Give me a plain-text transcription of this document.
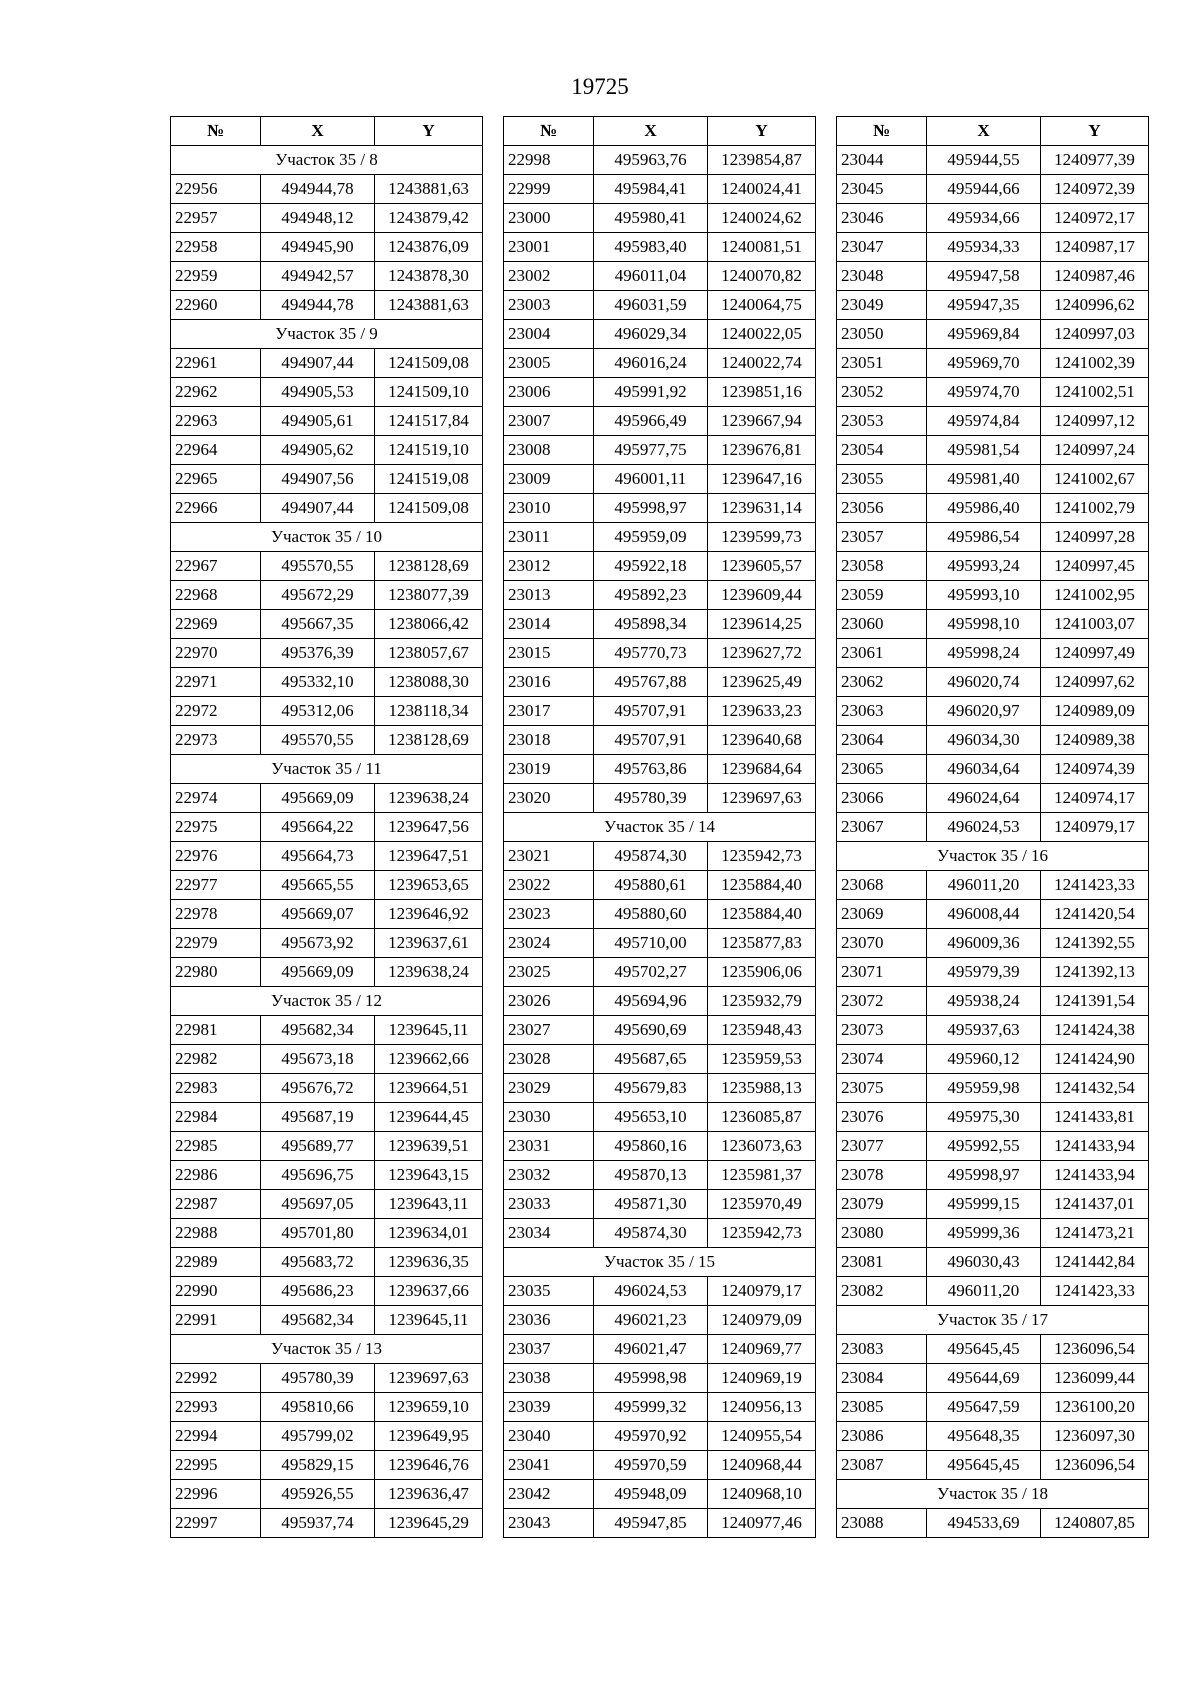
19725
№	X	Y
Участок 35 / 8		
22956	494944,78	1243881,63
22957	494948,12	1243879,42
22958	494945,90	1243876,09
22959	494942,57	1243878,30
22960	494944,78	1243881,63
Участок 35 / 9		
22961	494907,44	1241509,08
22962	494905,53	1241509,10
22963	494905,61	1241517,84
22964	494905,62	1241519,10
22965	494907,56	1241519,08
22966	494907,44	1241509,08
Участок 35 / 10		
22967	495570,55	1238128,69
22968	495672,29	1238077,39
22969	495667,35	1238066,42
22970	495376,39	1238057,67
22971	495332,10	1238088,30
22972	495312,06	1238118,34
22973	495570,55	1238128,69
Участок 35 / 11		
22974	495669,09	1239638,24
22975	495664,22	1239647,56
22976	495664,73	1239647,51
22977	495665,55	1239653,65
22978	495669,07	1239646,92
22979	495673,92	1239637,61
22980	495669,09	1239638,24
Участок 35 / 12		
22981	495682,34	1239645,11
22982	495673,18	1239662,66
22983	495676,72	1239664,51
22984	495687,19	1239644,45
22985	495689,77	1239639,51
22986	495696,75	1239643,15
22987	495697,05	1239643,11
22988	495701,80	1239634,01
22989	495683,72	1239636,35
22990	495686,23	1239637,66
22991	495682,34	1239645,11
Участок 35 / 13		
22992	495780,39	1239697,63
22993	495810,66	1239659,10
22994	495799,02	1239649,95
22995	495829,15	1239646,76
22996	495926,55	1239636,47
22997	495937,74	1239645,29
№	X	Y
22998	495963,76	1239854,87
22999	495984,41	1240024,41
23000	495980,41	1240024,62
23001	495983,40	1240081,51
23002	496011,04	1240070,82
23003	496031,59	1240064,75
23004	496029,34	1240022,05
23005	496016,24	1240022,74
23006	495991,92	1239851,16
23007	495966,49	1239667,94
23008	495977,75	1239676,81
23009	496001,11	1239647,16
23010	495998,97	1239631,14
23011	495959,09	1239599,73
23012	495922,18	1239605,57
23013	495892,23	1239609,44
23014	495898,34	1239614,25
23015	495770,73	1239627,72
23016	495767,88	1239625,49
23017	495707,91	1239633,23
23018	495707,91	1239640,68
23019	495763,86	1239684,64
23020	495780,39	1239697,63
Участок 35 / 14		
23021	495874,30	1235942,73
23022	495880,61	1235884,40
23023	495880,60	1235884,40
23024	495710,00	1235877,83
23025	495702,27	1235906,06
23026	495694,96	1235932,79
23027	495690,69	1235948,43
23028	495687,65	1235959,53
23029	495679,83	1235988,13
23030	495653,10	1236085,87
23031	495860,16	1236073,63
23032	495870,13	1235981,37
23033	495871,30	1235970,49
23034	495874,30	1235942,73
Участок 35 / 15		
23035	496024,53	1240979,17
23036	496021,23	1240979,09
23037	496021,47	1240969,77
23038	495998,98	1240969,19
23039	495999,32	1240956,13
23040	495970,92	1240955,54
23041	495970,59	1240968,44
23042	495948,09	1240968,10
23043	495947,85	1240977,46
№	X	Y
23044	495944,55	1240977,39
23045	495944,66	1240972,39
23046	495934,66	1240972,17
23047	495934,33	1240987,17
23048	495947,58	1240987,46
23049	495947,35	1240996,62
23050	495969,84	1240997,03
23051	495969,70	1241002,39
23052	495974,70	1241002,51
23053	495974,84	1240997,12
23054	495981,54	1240997,24
23055	495981,40	1241002,67
23056	495986,40	1241002,79
23057	495986,54	1240997,28
23058	495993,24	1240997,45
23059	495993,10	1241002,95
23060	495998,10	1241003,07
23061	495998,24	1240997,49
23062	496020,74	1240997,62
23063	496020,97	1240989,09
23064	496034,30	1240989,38
23065	496034,64	1240974,39
23066	496024,64	1240974,17
23067	496024,53	1240979,17
Участок 35 / 16		
23068	496011,20	1241423,33
23069	496008,44	1241420,54
23070	496009,36	1241392,55
23071	495979,39	1241392,13
23072	495938,24	1241391,54
23073	495937,63	1241424,38
23074	495960,12	1241424,90
23075	495959,98	1241432,54
23076	495975,30	1241433,81
23077	495992,55	1241433,94
23078	495998,97	1241433,94
23079	495999,15	1241437,01
23080	495999,36	1241473,21
23081	496030,43	1241442,84
23082	496011,20	1241423,33
Участок 35 / 17		
23083	495645,45	1236096,54
23084	495644,69	1236099,44
23085	495647,59	1236100,20
23086	495648,35	1236097,30
23087	495645,45	1236096,54
Участок 35 / 18		
23088	494533,69	1240807,85
